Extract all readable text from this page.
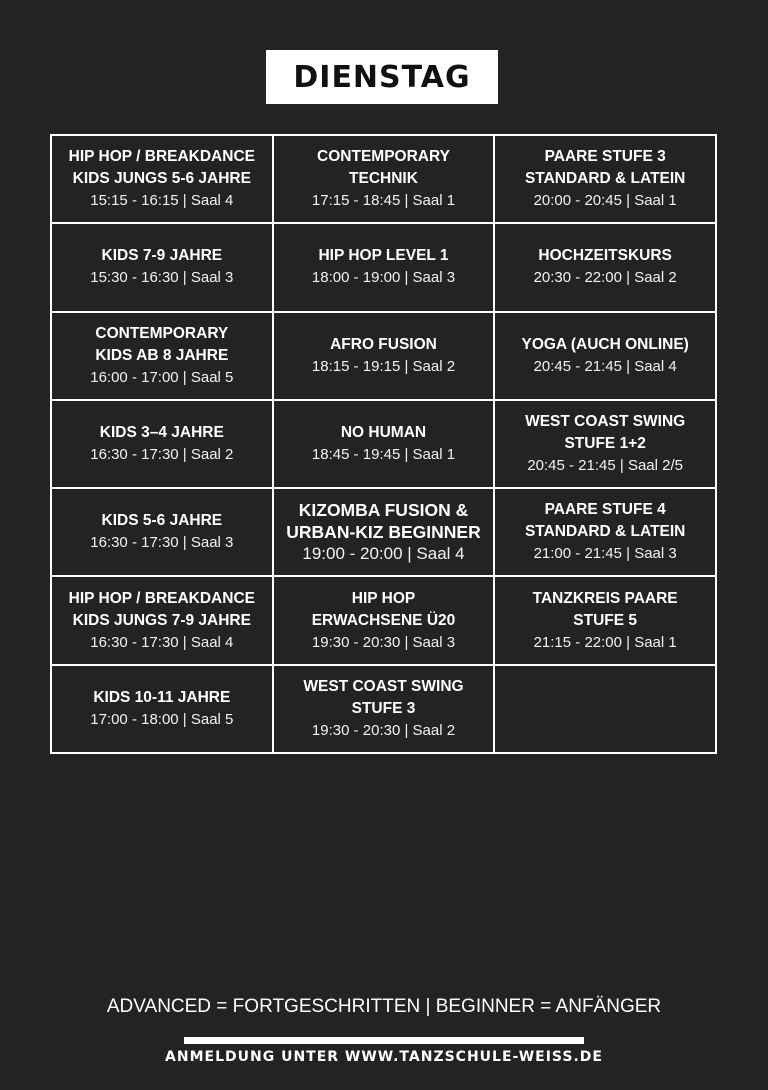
DIENSTAG
HIP HOP / BREAKDANCE
KIDS JUNGS 5-6 JAHRE
15:15 - 16:15 | Saal 4
CONTEMPORARY
TECHNIK
17:15 - 18:45 | Saal 1
PAARE STUFE 3
STANDARD & LATEIN
20:00 - 20:45 | Saal 1
KIDS 7-9 JAHRE
15:30 - 16:30 | Saal 3
HIP HOP LEVEL 1
18:00 - 19:00 | Saal 3
HOCHZEITSKURS
20:30 - 22:00 | Saal 2
CONTEMPORARY
KIDS AB 8 JAHRE
16:00 - 17:00 | Saal 5
AFRO FUSION
18:15 - 19:15 | Saal 2
YOGA (AUCH ONLINE)
20:45 - 21:45 | Saal 4
KIDS 3–4 JAHRE
16:30 - 17:30 | Saal 2
NO HUMAN
18:45 - 19:45 | Saal 1
WEST COAST SWING
STUFE 1+2
20:45 - 21:45 | Saal 2/5
KIDS 5-6 JAHRE
16:30 - 17:30 | Saal 3
KIZOMBA FUSION &
URBAN-KIZ BEGINNER
19:00 - 20:00 | Saal 4
PAARE STUFE 4
STANDARD & LATEIN
21:00 - 21:45 | Saal 3
HIP HOP / BREAKDANCE
KIDS JUNGS 7-9 JAHRE
16:30 - 17:30 | Saal 4
HIP HOP
ERWACHSENE Ü20
19:30 - 20:30 | Saal 3
TANZKREIS PAARE
STUFE 5
21:15 - 22:00 | Saal 1
KIDS 10-11 JAHRE
17:00 - 18:00 | Saal 5
WEST COAST SWING
STUFE 3
19:30 - 20:30 | Saal 2
ADVANCED = FORTGESCHRITTEN | BEGINNER = ANFÄNGER
ANMELDUNG UNTER WWW.TANZSCHULE-WEISS.DE
